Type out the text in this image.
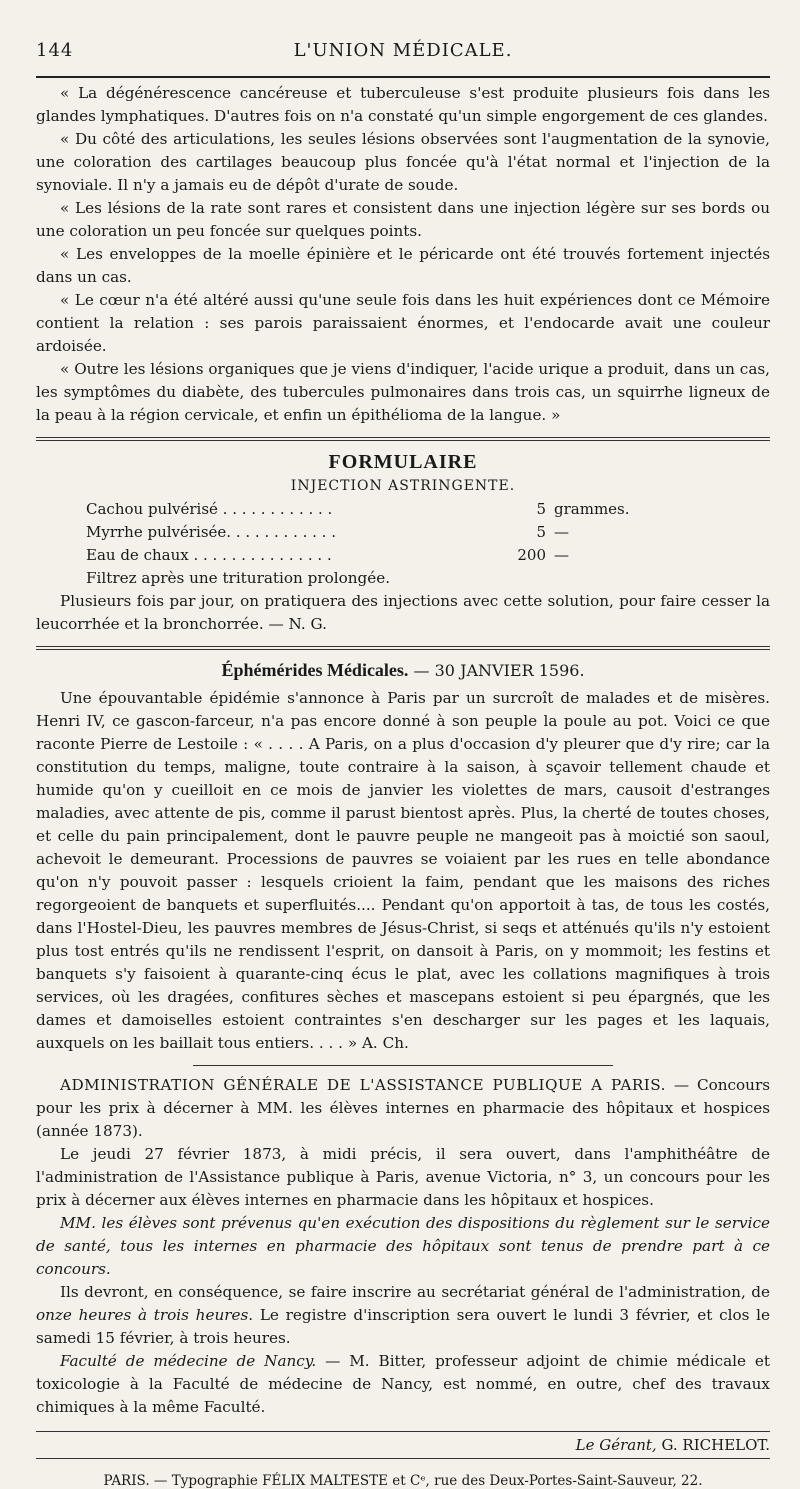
144	L'UNION MÉDICALE.

« La dégénérescence cancéreuse et tuberculeuse s'est produite plusieurs fois dans les glandes lymphatiques. D'autres fois on n'a constaté qu'un simple engorgement de ces glandes.

« Du côté des articulations, les seules lésions observées sont l'augmentation de la synovie, une coloration des cartilages beaucoup plus foncée qu'à l'état normal et l'injection de la synoviale. Il n'y a jamais eu de dépôt d'urate de soude.

« Les lésions de la rate sont rares et consistent dans une injection légère sur ses bords ou une coloration un peu foncée sur quelques points.

« Les enveloppes de la moelle épinière et le péricarde ont été trouvés fortement injectés dans un cas.

« Le cœur n'a été altéré aussi qu'une seule fois dans les huit expériences dont ce Mémoire contient la relation : ses parois paraissaient énormes, et l'endocarde avait une couleur ardoisée.

« Outre les lésions organiques que je viens d'indiquer, l'acide urique a produit, dans un cas, les symptômes du diabète, des tubercules pulmonaires dans trois cas, un squirrhe ligneux de la peau à la région cervicale, et enfin un épithélioma de la langue. »

FORMULAIRE
INJECTION ASTRINGENTE.
Cachou pulvérisé . . . . . . . . . . . .	5 grammes.
Myrrhe pulvérisée. . . . . . . . . . . .	5 —
Eau de chaux . . . . . . . . . . . . . . .	200 —

Filtrez après une trituration prolongée.

Plusieurs fois par jour, on pratiquera des injections avec cette solution, pour faire cesser la leucorrhée et la bronchorrée. — N. G.

Éphémérides Médicales. — 30 JANVIER 1596.

Une épouvantable épidémie s'annonce à Paris par un surcroît de malades et de misères. Henri IV, ce gascon-farceur, n'a pas encore donné à son peuple la poule au pot. Voici ce que raconte Pierre de Lestoile : « . . . . A Paris, on a plus d'occasion d'y pleurer que d'y rire; car la constitution du temps, maligne, toute contraire à la saison, à sçavoir tellement chaude et humide qu'on y cueilloit en ce mois de janvier les violettes de mars, causoit d'estranges maladies, avec attente de pis, comme il parust bientost après. Plus, la cherté de toutes choses, et celle du pain principalement, dont le pauvre peuple ne mangeoit pas à moictié son saoul, achevoit le demeurant. Processions de pauvres se voiaient par les rues en telle abondance qu'on n'y pouvoit passer : lesquels crioient la faim, pendant que les maisons des riches regorgeoient de banquets et superfluités.... Pendant qu'on apportoit à tas, de tous les costés, dans l'Hostel-Dieu, les pauvres membres de Jésus-Christ, si seqs et atténués qu'ils n'y estoient plus tost entrés qu'ils ne rendissent l'esprit, on dansoit à Paris, on y mommoit; les festins et banquets s'y faisoient à quarante-cinq écus le plat, avec les collations magnifiques à trois services, où les dragées, confitures sèches et mascepans estoient si peu épargnés, que les dames et damoiselles estoient contraintes s'en descharger sur les pages et les laquais, auxquels on les baillait tous entiers. . . . » A. Ch.

ADMINISTRATION GÉNÉRALE DE L'ASSISTANCE PUBLIQUE A PARIS. — Concours pour les prix à décerner à MM. les élèves internes en pharmacie des hôpitaux et hospices (année 1873).

Le jeudi 27 février 1873, à midi précis, il sera ouvert, dans l'amphithéâtre de l'administration de l'Assistance publique à Paris, avenue Victoria, n° 3, un concours pour les prix à décerner aux élèves internes en pharmacie dans les hôpitaux et hospices.

MM. les élèves sont prévenus qu'en exécution des dispositions du règlement sur le service de santé, tous les internes en pharmacie des hôpitaux sont tenus de prendre part à ce concours.

Ils devront, en conséquence, se faire inscrire au secrétariat général de l'administration, de onze heures à trois heures. Le registre d'inscription sera ouvert le lundi 3 février, et clos le samedi 15 février, à trois heures.

Faculté de médecine de Nancy. — M. Bitter, professeur adjoint de chimie médicale et toxicologie à la Faculté de médecine de Nancy, est nommé, en outre, chef des travaux chimiques à la même Faculté.

Le Gérant, G. RICHELOT.
PARIS. — Typographie FÉLIX MALTESTE et Cᵉ, rue des Deux-Portes-Saint-Sauveur, 22.
